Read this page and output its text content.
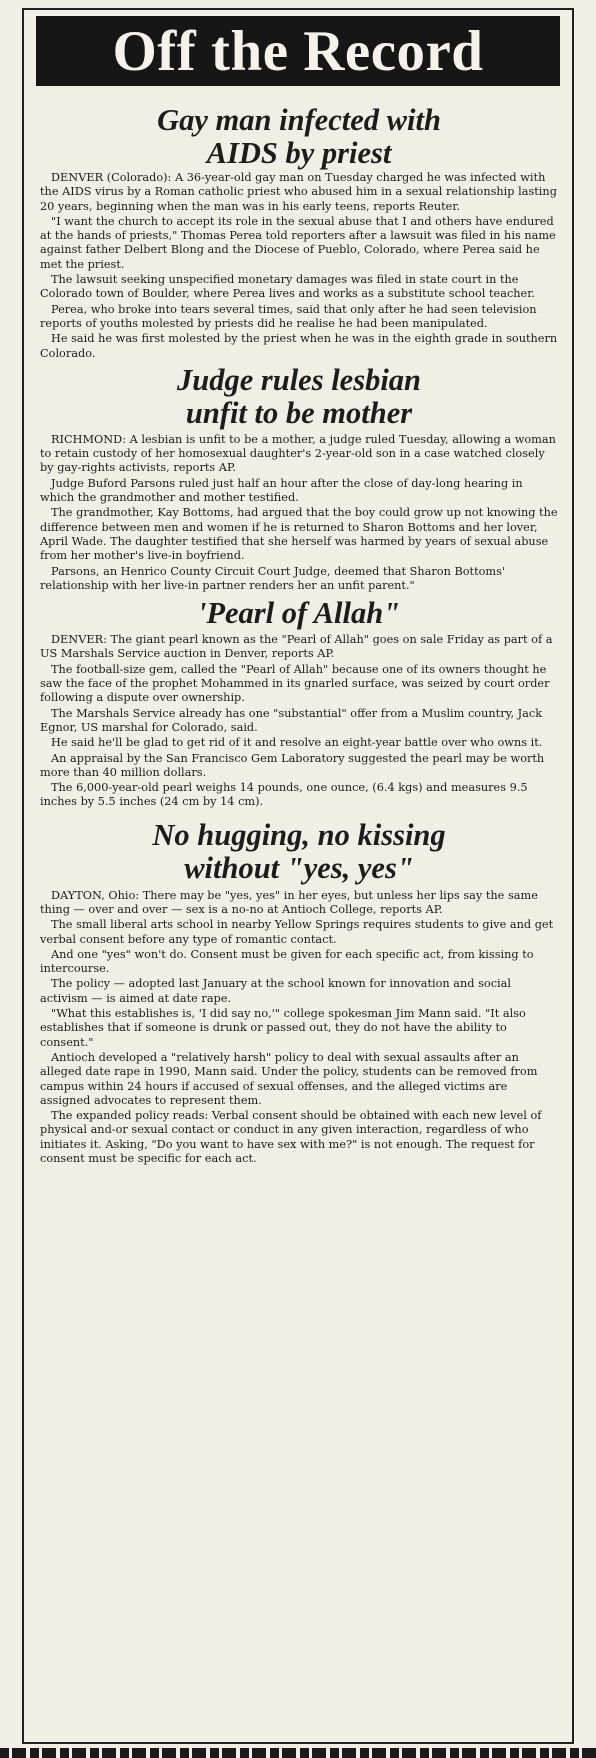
Off the Record
Gay man infected with
AIDS by priest

DENVER (Colorado): A 36-year-old gay man on Tuesday charged he was infected with the AIDS virus by a Roman catholic priest who abused him in a sexual relationship lasting 20 years, beginning when the man was in his early teens, reports Reuter.

"I want the church to accept its role in the sexual abuse that I and others have endured at the hands of priests," Thomas Perea told reporters after a lawsuit was filed in his name against father Delbert Blong and the Diocese of Pueblo, Colorado, where Perea said he met the priest.

The lawsuit seeking unspecified monetary damages was filed in state court in the Colorado town of Boulder, where Perea lives and works as a substitute school teacher.

Perea, who broke into tears several times, said that only after he had seen television reports of youths molested by priests did he realise he had been manipulated.

He said he was first molested by the priest when he was in the eighth grade in southern Colorado.

Judge rules lesbian
unfit to be mother

RICHMOND: A lesbian is unfit to be a mother, a judge ruled Tuesday, allowing a woman to retain custody of her homosexual daughter's 2-year-old son in a case watched closely by gay-rights activists, reports AP.

Judge Buford Parsons ruled just half an hour after the close of day-long hearing in which the grandmother and mother testified.

The grandmother, Kay Bottoms, had argued that the boy could grow up not knowing the difference between men and women if he is returned to Sharon Bottoms and her lover, April Wade. The daughter testified that she herself was harmed by years of sexual abuse from her mother's live-in boyfriend.

Parsons, an Henrico County Circuit Court Judge, deemed that Sharon Bottoms' relationship with her live-in partner renders her an unfit parent."

'Pearl of Allah"

DENVER: The giant pearl known as the "Pearl of Allah" goes on sale Friday as part of a US Marshals Service auction in Denver, reports AP.

The football-size gem, called the "Pearl of Allah" because one of its owners thought he saw the face of the prophet Mohammed in its gnarled surface, was seized by court order following a dispute over ownership.

The Marshals Service already has one "substantial" offer from a Muslim country, Jack Egnor, US marshal for Colorado, said.

He said he'll be glad to get rid of it and resolve an eight-year battle over who owns it.

An appraisal by the San Francisco Gem Laboratory suggested the pearl may be worth more than 40 million dollars.

The 6,000-year-old pearl weighs 14 pounds, one ounce, (6.4 kgs) and measures 9.5 inches by 5.5 inches (24 cm by 14 cm).

No hugging, no kissing
without "yes, yes"

DAYTON, Ohio: There may be "yes, yes" in her eyes, but unless her lips say the same thing — over and over — sex is a no-no at Antioch College, reports AP.

The small liberal arts school in nearby Yellow Springs requires students to give and get verbal consent before any type of romantic contact.

And one "yes" won't do. Consent must be given for each specific act, from kissing to intercourse.

The policy — adopted last January at the school known for innovation and social activism — is aimed at date rape.

"What this establishes is, 'I did say no,'" college spokesman Jim Mann said. "It also establishes that if someone is drunk or passed out, they do not have the ability to consent."

Antioch developed a "relatively harsh" policy to deal with sexual assaults after an alleged date rape in 1990, Mann said. Under the policy, students can be removed from campus within 24 hours if accused of sexual offenses, and the alleged victims are assigned advocates to represent them.

The expanded policy reads: Verbal consent should be obtained with each new level of physical and-or sexual contact or conduct in any given interaction, regardless of who initiates it. Asking, "Do you want to have sex with me?" is not enough. The request for consent must be specific for each act.
